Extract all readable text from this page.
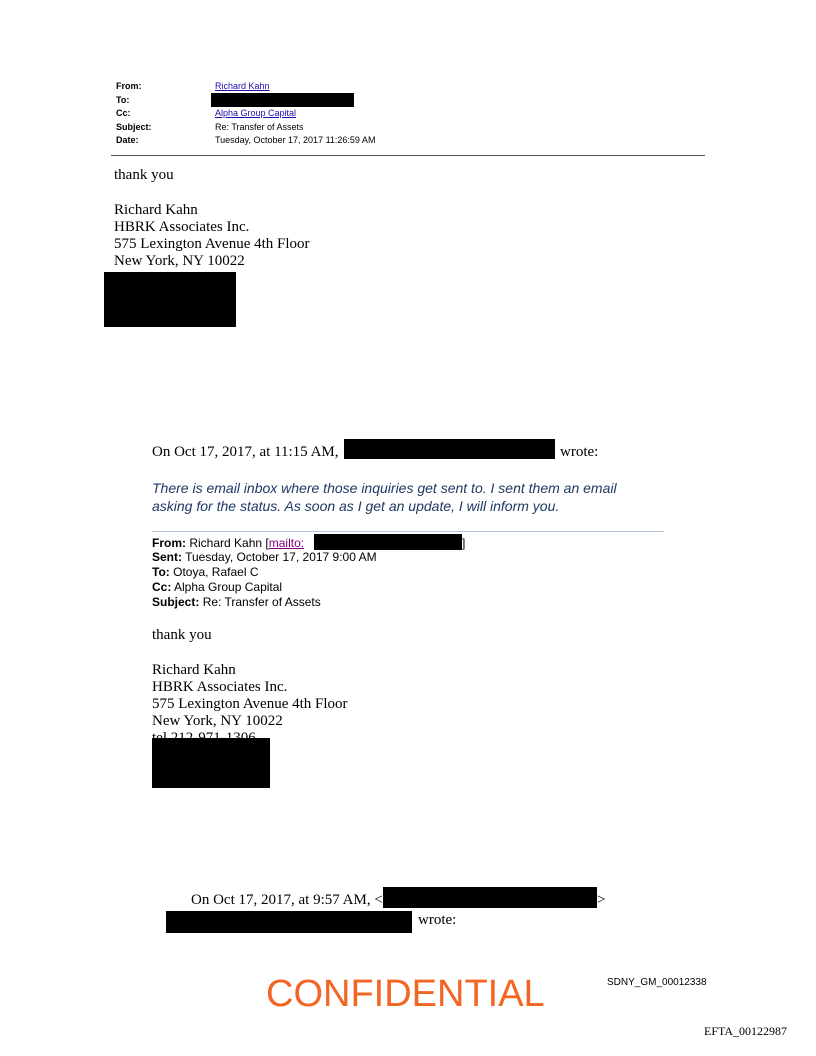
From:	Richard Kahn
To:
Cc:	Alpha Group Capital
Subject:	Re: Transfer of Assets
Date:	Tuesday, October 17, 2017 11:26:59 AM
thank you
Richard Kahn
HBRK Associates Inc.
575 Lexington Avenue 4th Floor
New York, NY 10022
On Oct 17, 2017, at 11:15 AM,	wrote:
There is email inbox where those inquiries get sent to. I sent them an email
asking for the status. As soon as I get an update, I will inform you.
From: Richard Kahn [mailto:	]
Sent: Tuesday, October 17, 2017 9:00 AM
To: Otoya, Rafael C
Cc: Alpha Group Capital
Subject: Re: Transfer of Assets
thank you
Richard Kahn
HBRK Associates Inc.
575 Lexington Avenue 4th Floor
New York, NY 10022
On Oct 17, 2017, at 9:57 AM, <	>
wrote:
CONFIDENTIAL	SDNY_GM_00012338
EFTA_00122987
